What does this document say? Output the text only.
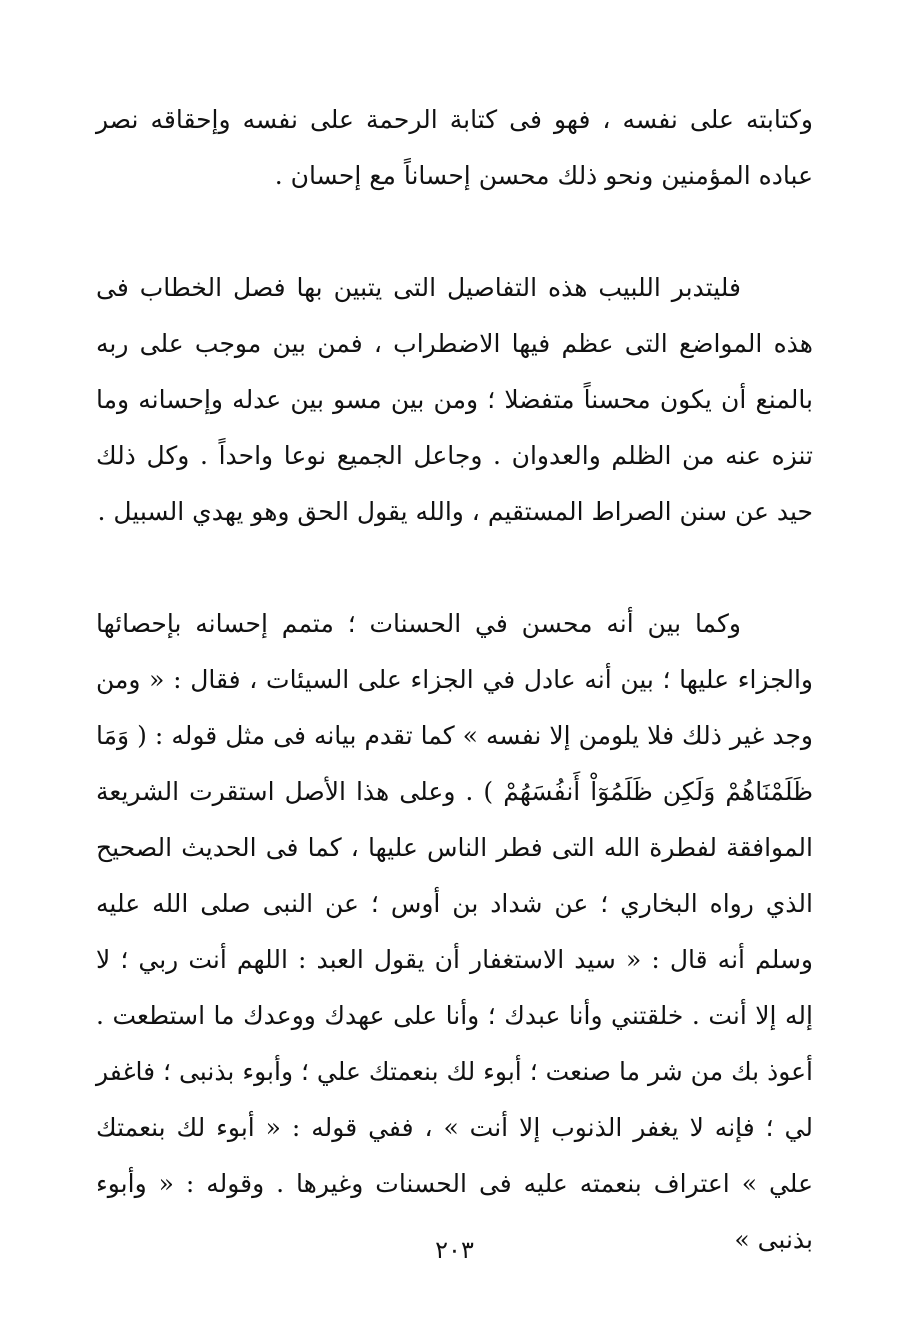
وكتابته على نفسه ، فهو فى كتابة الرحمة على نفسه وإحقاقه نصر عباده المؤمنين ونحو ذلك محسن إحساناً مع إحسان .

فليتدبر اللبيب هذه التفاصيل التى يتبين بها فصل الخطاب فى هذه المواضع التى عظم فيها الاضطراب ، فمن بين موجب على ربه بالمنع أن يكون محسناً متفضلا ؛ ومن بين مسو بين عدله وإحسانه وما تنزه عنه من الظلم والعدوان . وجاعل الجميع نوعا واحداً . وكل ذلك حيد عن سنن الصراط المستقيم ، والله يقول الحق وهو يهدي السبيل .

وكما بين أنه محسن في الحسنات ؛ متمم إحسانه بإحصائها والجزاء عليها ؛ بين أنه عادل في الجزاء على السيئات ، فقال : « ومن وجد غير ذلك فلا يلومن إلا نفسه » كما تقدم بيانه فى مثل قوله : ( وَمَا ظَلَمْنَاهُمْ وَلَكِن ظَلَمُوٓاْ أَنفُسَهُمْ ) . وعلى هذا الأصل استقرت الشريعة الموافقة لفطرة الله التى فطر الناس عليها ، كما فى الحديث الصحيح الذي رواه البخاري ؛ عن شداد بن أوس ؛ عن النبى صلى الله عليه وسلم أنه قال : « سيد الاستغفار أن يقول العبد : اللهم أنت ربي ؛ لا إله إلا أنت . خلقتني وأنا عبدك ؛ وأنا على عهدك ووعدك ما استطعت . أعوذ بك من شر ما صنعت ؛ أبوء لك بنعمتك علي ؛ وأبوء بذنبى ؛ فاغفر لي ؛ فإنه لا يغفر الذنوب إلا أنت » ، ففي قوله : « أبوء لك بنعمتك علي » اعتراف بنعمته عليه فى الحسنات وغيرها . وقوله : « وأبوء بذنبى »

٢٠٣
